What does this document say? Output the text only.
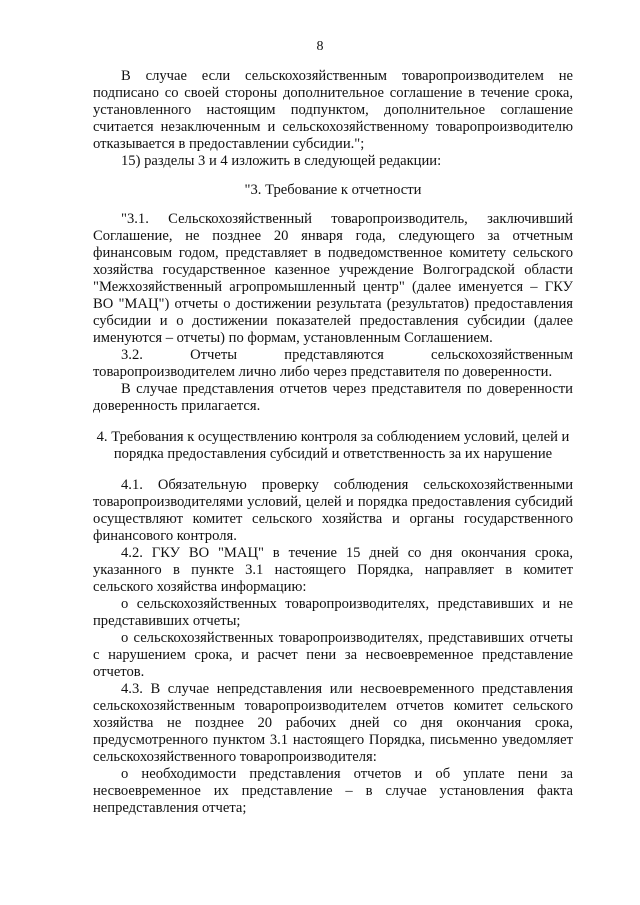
8

В случае если сельскохозяйственным товаропроизводителем не подписано со своей стороны дополнительное соглашение в течение срока, установленного настоящим подпунктом, дополнительное соглашение считается незаключенным и сельскохозяйственному товаропроизводителю отказывается в предоставлении субсидии.";

15) разделы 3 и 4 изложить в следующей редакции:

"3. Требование к отчетности

"3.1. Сельскохозяйственный товаропроизводитель, заключивший Соглашение, не позднее 20 января года, следующего за отчетным финансовым годом, представляет в подведомственное комитету сельского хозяйства государственное казенное учреждение Волгоградской области "Межхозяйственный агропромышленный центр" (далее именуется – ГКУ ВО "МАЦ") отчеты о достижении результата (результатов) предоставления субсидии и о достижении показателей предоставления субсидии (далее именуются – отчеты) по формам, установленным Соглашением.

3.2. Отчеты представляются сельскохозяйственным товаропроизводителем лично либо через представителя по доверенности.

В случае представления отчетов через представителя по доверенности доверенность прилагается.

4. Требования к осуществлению контроля за соблюдением условий, целей и порядка предоставления субсидий и ответственность за их нарушение

4.1. Обязательную проверку соблюдения сельскохозяйственными товаропроизводителями условий, целей и порядка предоставления субсидий осуществляют комитет сельского хозяйства и органы государственного финансового контроля.

4.2. ГКУ ВО "МАЦ" в течение 15 дней со дня окончания срока, указанного в пункте 3.1 настоящего Порядка, направляет в комитет сельского хозяйства информацию:

о сельскохозяйственных товаропроизводителях, представивших и не представивших отчеты;

о сельскохозяйственных товаропроизводителях, представивших отчеты с нарушением срока, и расчет пени за несвоевременное представление отчетов.

4.3. В случае непредставления или несвоевременного представления сельскохозяйственным товаропроизводителем отчетов комитет сельского хозяйства не позднее 20 рабочих дней со дня окончания срока, предусмотренного пунктом 3.1 настоящего Порядка, письменно уведомляет сельскохозяйственного товаропроизводителя:

о необходимости представления отчетов и об уплате пени за несвоевременное их представление – в случае установления факта непредставления отчета;
